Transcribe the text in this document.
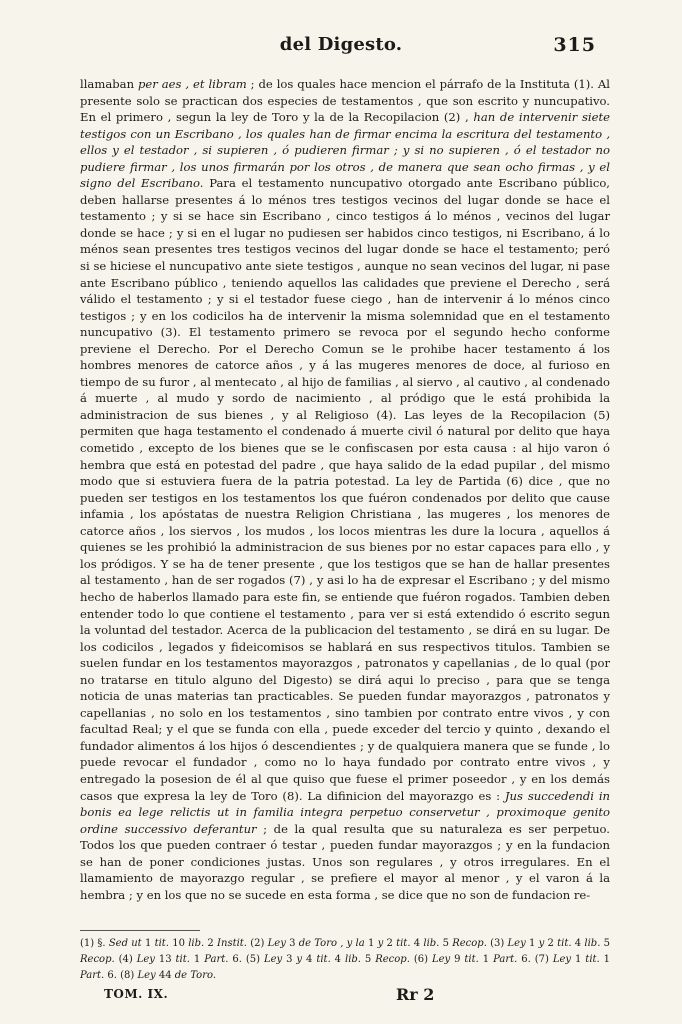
del Digesto.	315

llamaban per aes , et libram ; de los quales hace mencion el párrafo de la Instituta (1). Al presente solo se practican dos especies de testamentos , que son escrito y nuncupativo. En el primero , segun la ley de Toro y la de la Recopilacion (2) , han de intervenir siete testigos con un Escribano , los quales han de firmar encima la escritura del testamento , ellos y el testador , si supieren , ó pudieren firmar ; y si no supieren , ó el testador no pudiere firmar , los unos firmarán por los otros , de manera que sean ocho firmas , y el signo del Escribano. Para el testamento nuncupativo otorgado ante Escribano público, deben hallarse presentes á lo ménos tres testigos vecinos del lugar donde se hace el testamento ; y si se hace sin Escribano , cinco testigos á lo ménos , vecinos del lugar donde se hace ; y si en el lugar no pudiesen ser habidos cinco testigos, ni Escribano, á lo ménos sean presentes tres testigos vecinos del lugar donde se hace el testamento; peró si se hiciese el nuncupativo ante siete testigos , aunque no sean vecinos del lugar, ni pase ante Escribano público , teniendo aquellos las calidades que previene el Derecho , será válido el testamento ; y si el testador fuese ciego , han de intervenir á lo ménos cinco testigos ; y en los codicilos ha de intervenir la misma solemnidad que en el testamento nuncupativo (3). El testamento primero se revoca por el segundo hecho conforme previene el Derecho. Por el Derecho Comun se le prohibe hacer testamento á los hombres menores de catorce años , y á las mugeres menores de doce, al furioso en tiempo de su furor , al mentecato , al hijo de familias , al siervo , al cautivo , al condenado á muerte , al mudo y sordo de nacimiento , al pródigo que le está prohibida la administracion de sus bienes , y al Religioso (4). Las leyes de la Recopilacion (5) permiten que haga testamento el condenado á muerte civil ó natural por delito que haya cometido , excepto de los bienes que se le confiscasen por esta causa : al hijo varon ó hembra que está en potestad del padre , que haya salido de la edad pupilar , del mismo modo que si estuviera fuera de la patria potestad. La ley de Partida (6) dice , que no pueden ser testigos en los testamentos los que fuéron condenados por delito que cause infamia , los apóstatas de nuestra Religion Christiana , las mugeres , los menores de catorce años , los siervos , los mudos , los locos mientras les dure la locura , aquellos á quienes se les prohibió la administracion de sus bienes por no estar capaces para ello , y los pródigos. Y se ha de tener presente , que los testigos que se han de hallar presentes al testamento , han de ser rogados (7) , y asi lo ha de expresar el Escribano ; y del mismo hecho de haberlos llamado para este fin, se entiende que fuéron rogados. Tambien deben entender todo lo que contiene el testamento , para ver si está extendido ó escrito segun la voluntad del testador. Acerca de la publicacion del testamento , se dirá en su lugar. De los codicilos , legados y fideicomisos se hablará en sus respectivos titulos. Tambien se suelen fundar en los testamentos mayorazgos , patronatos y capellanias , de lo qual (por no tratarse en titulo alguno del Digesto) se dirá aqui lo preciso , para que se tenga noticia de unas materias tan practicables. Se pueden fundar mayorazgos , patronatos y capellanias , no solo en los testamentos , sino tambien por contrato entre vivos , y con facultad Real; y el que se funda con ella , puede exceder del tercio y quinto , dexando el fundador alimentos á los hijos ó descendientes ; y de qualquiera manera que se funde , lo puede revocar el fundador , como no lo haya fundado por contrato entre vivos , y entregado la posesion de él al que quiso que fuese el primer poseedor , y en los demás casos que expresa la ley de Toro (8). La difinicion del mayorazgo es : Jus succedendi in bonis ea lege relictis ut in familia integra perpetuo conservetur , proximoque genito ordine successivo deferantur ; de la qual resulta que su naturaleza es ser perpetuo. Todos los que pueden contraer ó testar , pueden fundar mayorazgos ; y en la fundacion se han de poner condiciones justas. Unos son regulares , y otros irregulares. En el llamamiento de mayorazgo regular , se prefiere el mayor al menor , y el varon á la hembra ; y en los que no se sucede en esta forma , se dice que no son de fundacion re-

(1) §. Sed ut 1 tit. 10 lib. 2 Instit. (2) Ley 3 de Toro , y la 1 y 2 tit. 4 lib. 5 Recop. (3) Ley 1 y 2 tit. 4 lib. 5 Recop. (4) Ley 13 tit. 1 Part. 6. (5) Ley 3 y 4 tit. 4 lib. 5 Recop. (6) Ley 9 tit. 1 Part. 6. (7) Ley 1 tit. 1 Part. 6. (8) Ley 44 de Toro.
TOM. IX.	Rr 2
